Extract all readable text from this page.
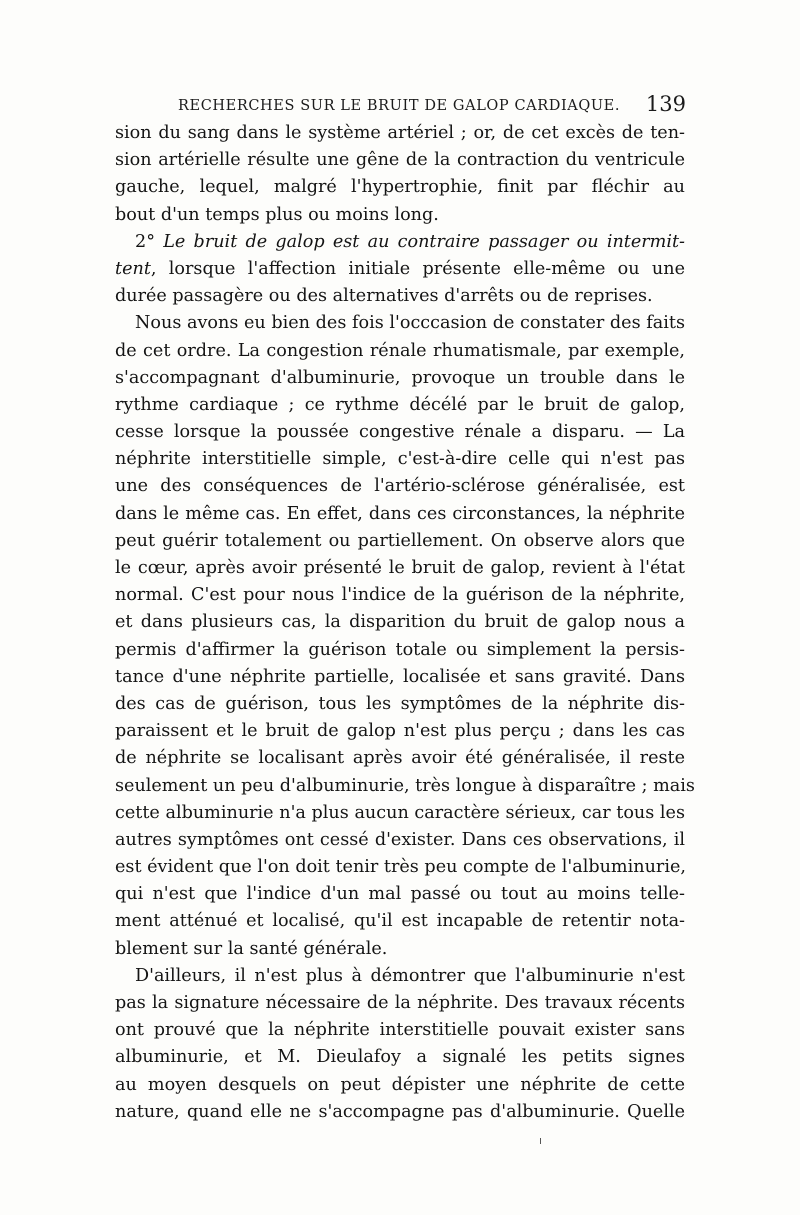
RECHERCHES SUR LE BRUIT DE GALOP CARDIAQUE. 139
sion du sang dans le système artériel ; or, de cet excès de ten-
sion artérielle résulte une gêne de la contraction du ventricule
gauche, lequel, malgré l'hypertrophie, finit par fléchir au
bout d'un temps plus ou moins long.
2° Le bruit de galop est au contraire passager ou intermit-
tent, lorsque l'affection initiale présente elle-même ou une
durée passagère ou des alternatives d'arrêts ou de reprises.
Nous avons eu bien des fois l'occcasion de constater des faits
de cet ordre. La congestion rénale rhumatismale, par exemple,
s'accompagnant d'albuminurie, provoque un trouble dans le
rythme cardiaque ; ce rythme décélé par le bruit de galop,
cesse lorsque la poussée congestive rénale a disparu. — La
néphrite interstitielle simple, c'est-à-dire celle qui n'est pas
une des conséquences de l'artério-sclérose généralisée, est
dans le même cas. En effet, dans ces circonstances, la néphrite
peut guérir totalement ou partiellement. On observe alors que
le cœur, après avoir présenté le bruit de galop, revient à l'état
normal. C'est pour nous l'indice de la guérison de la néphrite,
et dans plusieurs cas, la disparition du bruit de galop nous a
permis d'affirmer la guérison totale ou simplement la persis-
tance d'une néphrite partielle, localisée et sans gravité. Dans
des cas de guérison, tous les symptômes de la néphrite dis-
paraissent et le bruit de galop n'est plus perçu ; dans les cas
de néphrite se localisant après avoir été généralisée, il reste
seulement un peu d'albuminurie, très longue à disparaître ; mais
cette albuminurie n'a plus aucun caractère sérieux, car tous les
autres symptômes ont cessé d'exister. Dans ces observations, il
est évident que l'on doit tenir très peu compte de l'albuminurie,
qui n'est que l'indice d'un mal passé ou tout au moins telle-
ment atténué et localisé, qu'il est incapable de retentir nota-
blement sur la santé générale.
D'ailleurs, il n'est plus à démontrer que l'albuminurie n'est
pas la signature nécessaire de la néphrite. Des travaux récents
ont prouvé que la néphrite interstitielle pouvait exister sans
albuminurie, et M. Dieulafoy a signalé les petits signes
au moyen desquels on peut dépister une néphrite de cette
nature, quand elle ne s'accompagne pas d'albuminurie. Quelle
